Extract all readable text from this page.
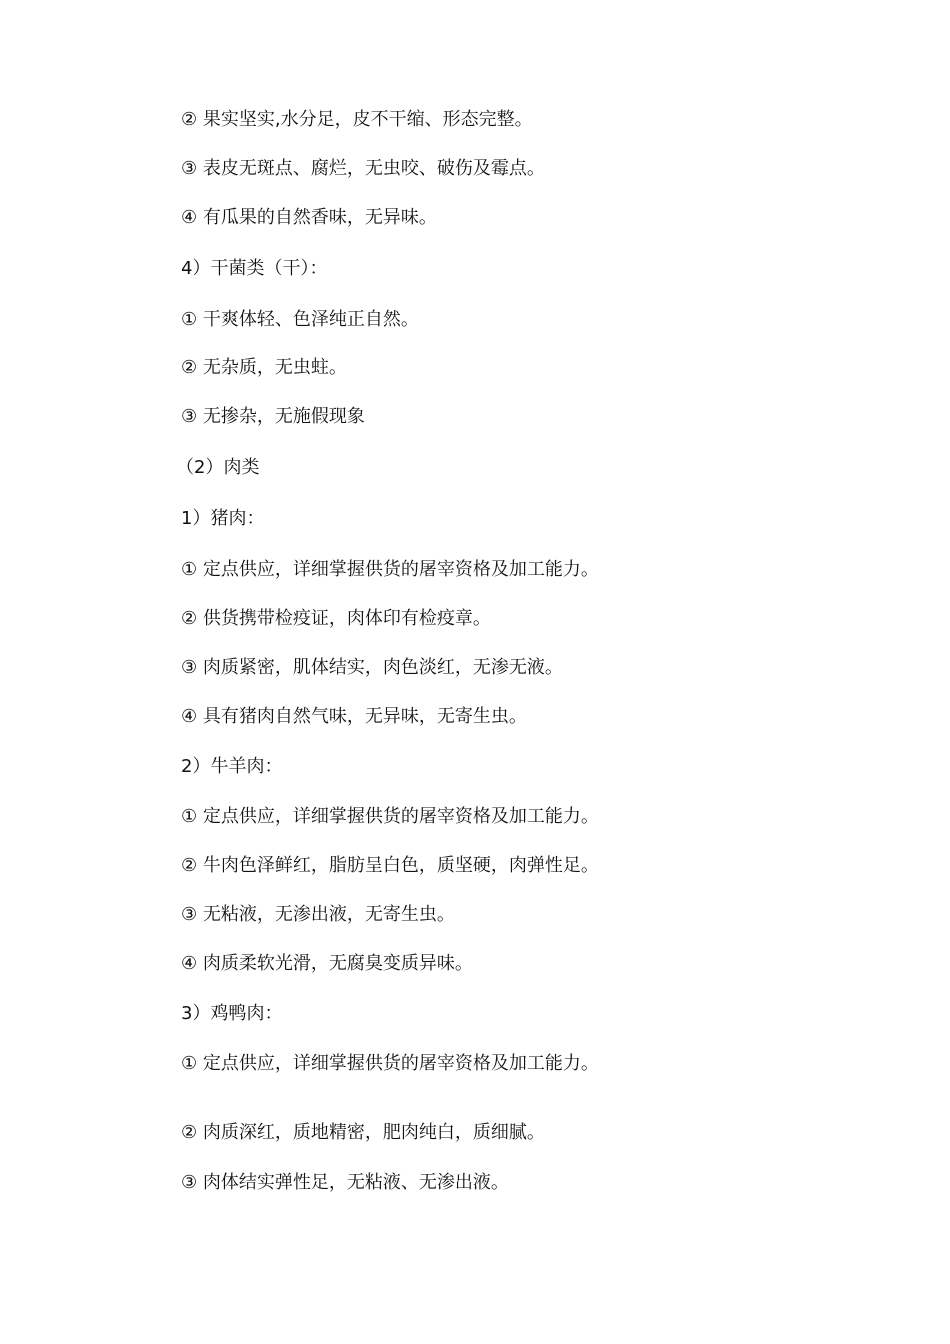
② 果实坚实,水分足，皮不干缩、形态完整。
③ 表皮无斑点、腐烂，无虫咬、破伤及霉点。
④ 有瓜果的自然香味，无异味。
4）干菌类（干）：
① 干爽体轻、色泽纯正自然。
② 无杂质，无虫蛀。
③ 无掺杂，无施假现象
（2）肉类
1）猪肉：
① 定点供应，详细掌握供货的屠宰资格及加工能力。
② 供货携带检疫证，肉体印有检疫章。
③ 肉质紧密，肌体结实，肉色淡红，无渗无液。
④ 具有猪肉自然气味，无异味，无寄生虫。
2）牛羊肉：
① 定点供应，详细掌握供货的屠宰资格及加工能力。
② 牛肉色泽鲜红，脂肪呈白色，质坚硬，肉弹性足。
③ 无粘液，无渗出液，无寄生虫。
④ 肉质柔软光滑，无腐臭变质异味。
3）鸡鸭肉：
① 定点供应，详细掌握供货的屠宰资格及加工能力。
② 肉质深红，质地精密，肥肉纯白，质细腻。
③ 肉体结实弹性足，无粘液、无渗出液。
